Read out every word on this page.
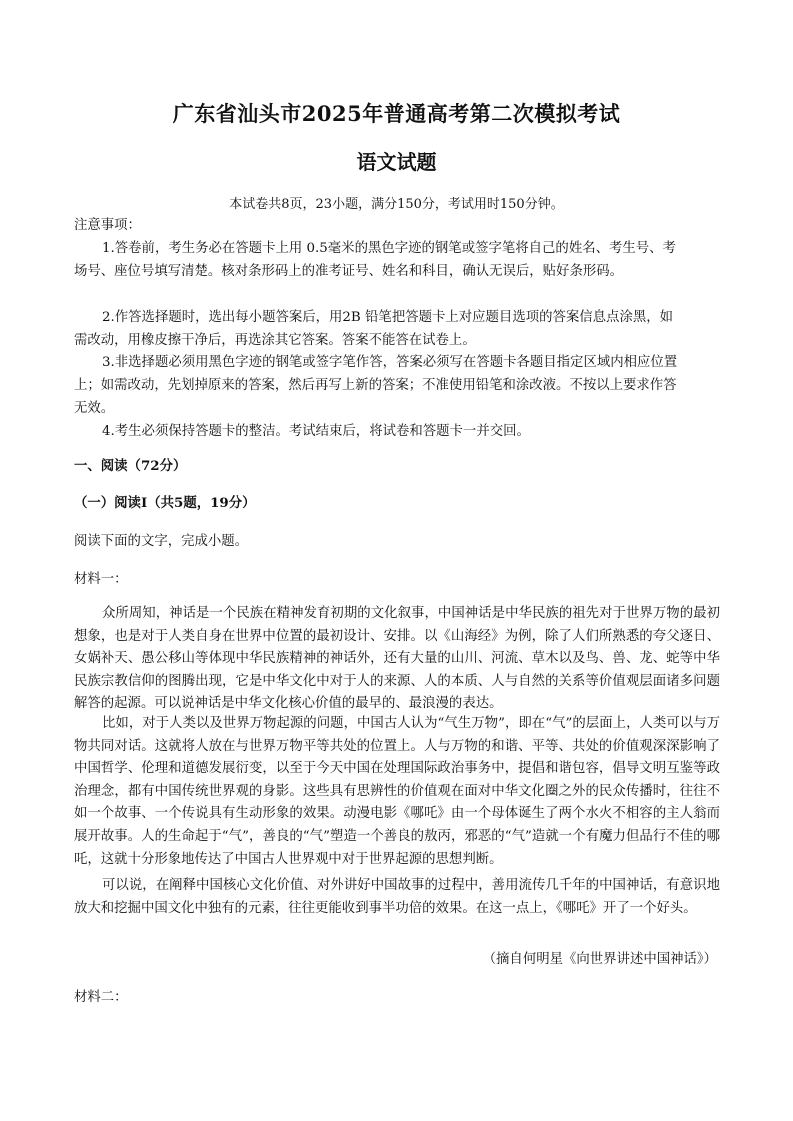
广东省汕头市2025年普通高考第二次模拟考试
语文试题
本试卷共8页，23小题，满分150分，考试用时150分钟。

注意事项：

1.答卷前，考生务必在答题卡上用 0.5毫米的黑色字迹的钢笔或签字笔将自己的姓名、考生号、考场号、座位号填写清楚。核对条形码上的准考证号、姓名和科目，确认无误后，贴好条形码。

2.作答选择题时，选出每小题答案后，用2B 铅笔把答题卡上对应题目选项的答案信息点涂黑，如需改动，用橡皮擦干净后，再选涂其它答案。答案不能答在试卷上。

3.非选择题必须用黑色字迹的钢笔或签字笔作答，答案必须写在答题卡各题目指定区域内相应位置上；如需改动，先划掉原来的答案，然后再写上新的答案；不准使用铅笔和涂改液。不按以上要求作答无效。

4.考生必须保持答题卡的整洁。考试结束后，将试卷和答题卡一并交回。

一、阅读（72分）

（一）阅读Ⅰ（共5题，19分）

阅读下面的文字，完成小题。

材料一：

众所周知，神话是一个民族在精神发育初期的文化叙事，中国神话是中华民族的祖先对于世界万物的最初想象，也是对于人类自身在世界中位置的最初设计、安排。以《山海经》为例，除了人们所熟悉的夸父逐日、女娲补天、愚公移山等体现中华民族精神的神话外，还有大量的山川、河流、草木以及鸟、兽、龙、蛇等中华民族宗教信仰的图腾出现，它是中华文化中对于人的来源、人的本质、人与自然的关系等价值观层面诸多问题解答的起源。可以说神话是中华文化核心价值的最早的、最浪漫的表达。

比如，对于人类以及世界万物起源的问题，中国古人认为“气生万物”，即在“气”的层面上，人类可以与万物共同对话。这就将人放在与世界万物平等共处的位置上。人与万物的和谐、平等、共处的价值观深深影响了中国哲学、伦理和道德发展衍变，以至于今天中国在处理国际政治事务中，提倡和谐包容，倡导文明互鉴等政治理念，都有中国传统世界观的身影。这些具有思辨性的价值观在面对中华文化圈之外的民众传播时，往往不如一个故事、一个传说具有生动形象的效果。动漫电影《哪吒》由一个母体诞生了两个水火不相容的主人翁而展开故事。人的生命起于“气”，善良的“气”塑造一个善良的敖丙，邪恶的“气”造就一个有魔力但品行不佳的哪吒，这就十分形象地传达了中国古人世界观中对于世界起源的思想判断。

可以说，在阐释中国核心文化价值、对外讲好中国故事的过程中，善用流传几千年的中国神话，有意识地放大和挖掘中国文化中独有的元素，往往更能收到事半功倍的效果。在这一点上，《哪吒》开了一个好头。

（摘自何明星《向世界讲述中国神话》）

材料二：
